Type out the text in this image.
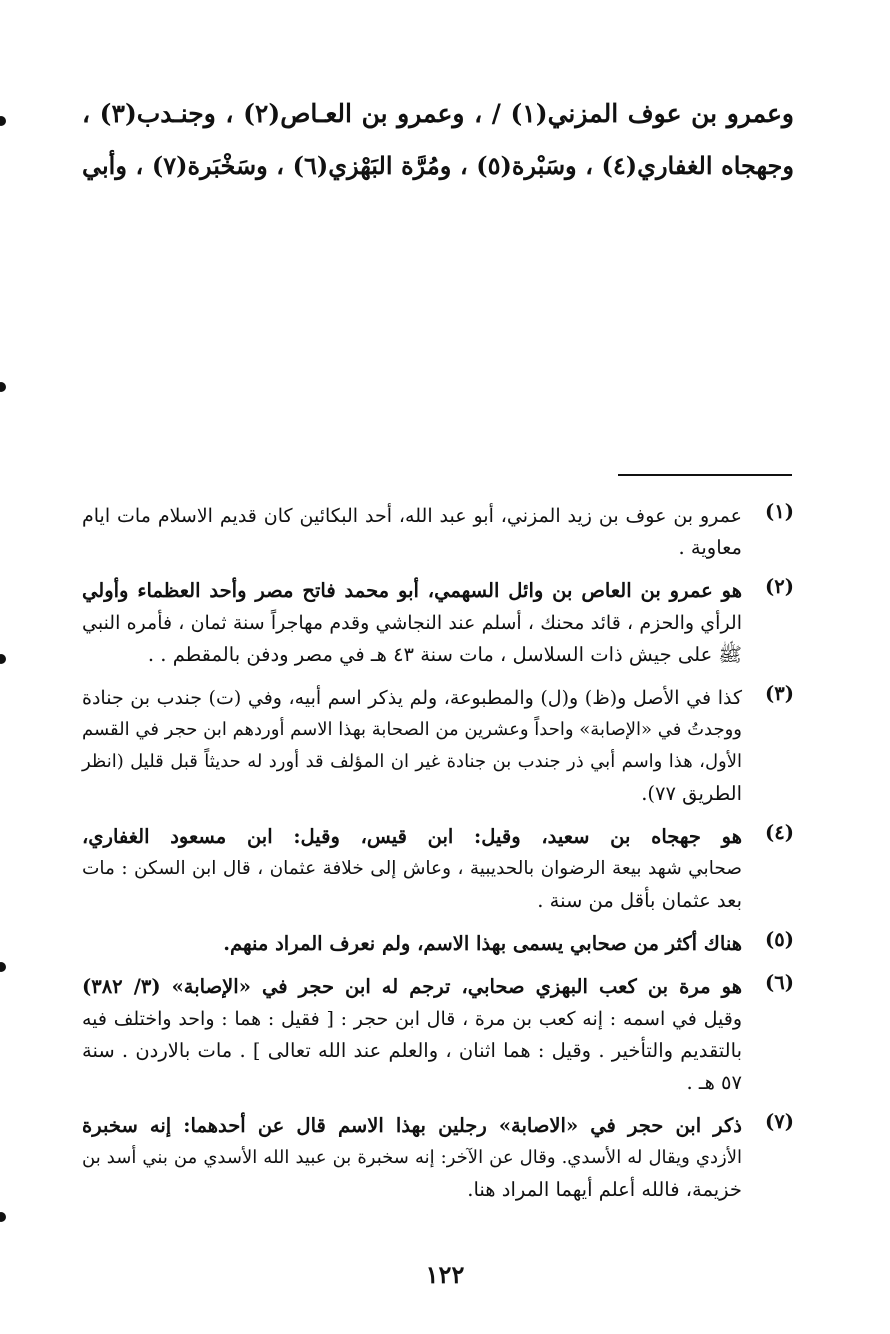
وعمرو بن عوف المزني(١) / ، وعمرو بن العـاص(٢) ، وجنـدب(٣) ،
وجهجاه الغفاري(٤) ، وسَبْرة(٥) ، ومُرَّة البَهْزي(٦) ، وسَخْبَرة(٧) ، وأبي
(١)
عمرو بن عوف بن زيد المزني، أبو عبد الله، أحد البكائين كان قديم الاسلام مات ايام
معاوية .
(٢)
هو عمرو بن العاص بن وائل السهمي، أبو محمد فاتح مصر وأحد العظماء وأولي
الرأي والحزم ، قائد محنك ، أسلم عند النجاشي وقدم مهاجراً سنة ثمان ، فأمره النبي
ﷺ على جيش ذات السلاسل ، مات سنة ٤٣ هـ في مصر ودفن بالمقطم . .
(٣)
كذا في الأصل و(ظ) و(ل) والمطبوعة، ولم يذكر اسم أبيه، وفي (ت) جندب بن جنادة
ووجدتُ في «الإصابة» واحداً وعشرين من الصحابة بهذا الاسم أوردهم ابن حجر في القسم
الأول، هذا واسم أبي ذر جندب بن جنادة غير ان المؤلف قد أورد له حديثاً قبل قليل (انظر
الطريق ٧٧).
(٤)
هو جهجاه بن سعيد، وقيل: ابن قيس، وقيل: ابن مسعود الغفاري،
صحابي شهد بيعة الرضوان بالحديبية ، وعاش إلى خلافة عثمان ، قال ابن السكن : مات
بعد عثمان بأقل من سنة .
(٥)
هناك أكثر من صحابي يسمى بهذا الاسم، ولم نعرف المراد منهم.
(٦)
هو مرة بن كعب البهزي صحابي، ترجم له ابن حجر في «الإصابة» (٣/ ٣٨٢)
وقيل في اسمه : إنه كعب بن مرة ، قال ابن حجر : [ فقيل : هما : واحد واختلف فيه
بالتقديم والتأخير . وقيل : هما اثنان ، والعلم عند الله تعالى ] . مات بالاردن . سنة
٥٧ هـ .
(٧)
ذكر ابن حجر في «الاصابة» رجلين بهذا الاسم قال عن أحدهما: إنه سخبرة
الأزدي ويقال له الأسدي. وقال عن الآخر: إنه سخبرة بن عبيد الله الأسدي من بني أسد بن
خزيمة، فالله أعلم أيهما المراد هنا.
١٢٢
